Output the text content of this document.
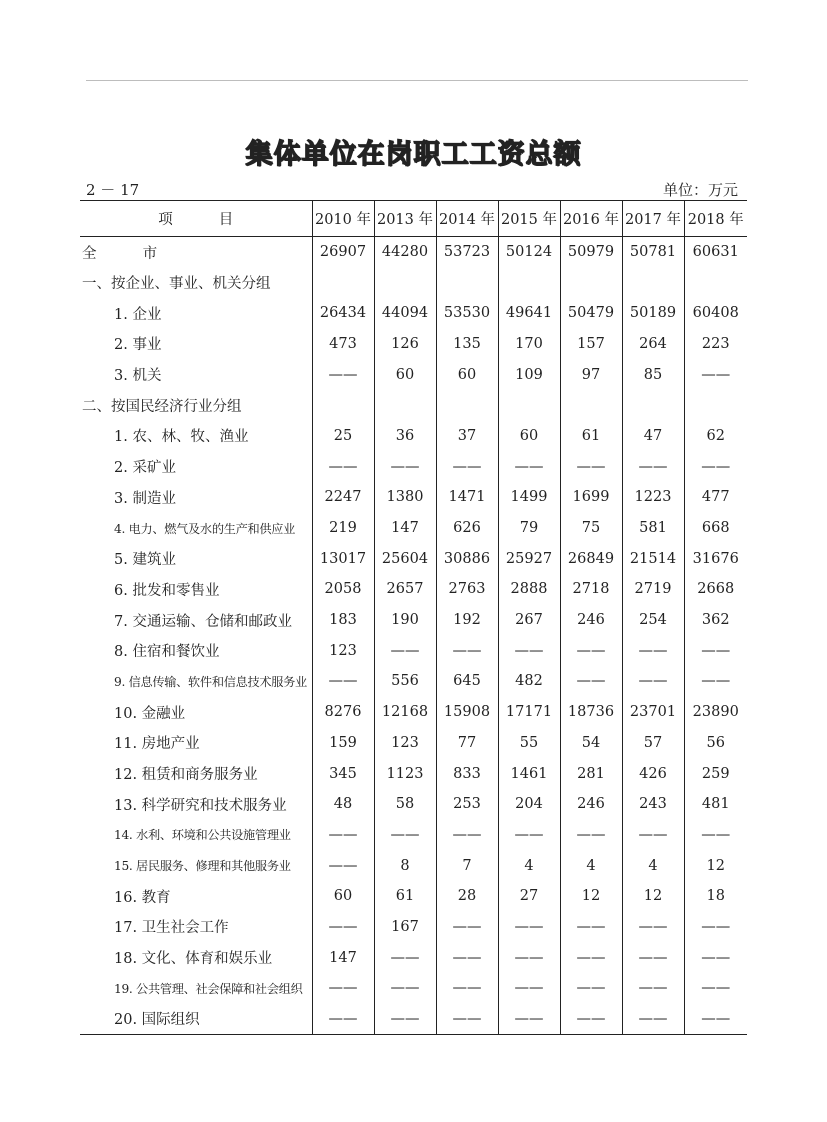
集体单位在岗职工工资总额
2 － 17	单位：万元
项          目	2010 年	2013 年	2014 年	2015 年	2016 年	2017 年	2018 年
全          市	26907	44280	53723	50124	50979	50781	60631
一、按企业、事业、机关分组							
1. 企业	26434	44094	53530	49641	50479	50189	60408
2. 事业	473	126	135	170	157	264	223
3. 机关	——	60	60	109	97	85	——
二、按国民经济行业分组							
1. 农、林、牧、渔业	25	36	37	60	61	47	62
2. 采矿业	——	——	——	——	——	——	——
3. 制造业	2247	1380	1471	1499	1699	1223	477
4. 电力、燃气及水的生产和供应业	219	147	626	79	75	581	668
5. 建筑业	13017	25604	30886	25927	26849	21514	31676
6. 批发和零售业	2058	2657	2763	2888	2718	2719	2668
7. 交通运输、仓储和邮政业	183	190	192	267	246	254	362
8. 住宿和餐饮业	123	——	——	——	——	——	——
9. 信息传输、软件和信息技术服务业	——	556	645	482	——	——	——
10. 金融业	8276	12168	15908	17171	18736	23701	23890
11. 房地产业	159	123	77	55	54	57	56
12. 租赁和商务服务业	345	1123	833	1461	281	426	259
13. 科学研究和技术服务业	48	58	253	204	246	243	481
14. 水利、环境和公共设施管理业	——	——	——	——	——	——	——
15. 居民服务、修理和其他服务业	——	8	7	4	4	4	12
16. 教育	60	61	28	27	12	12	18
17. 卫生社会工作	——	167	——	——	——	——	——
18. 文化、体育和娱乐业	147	——	——	——	——	——	——
19. 公共管理、社会保障和社会组织	——	——	——	——	——	——	——
20. 国际组织	——	——	——	——	——	——	——
